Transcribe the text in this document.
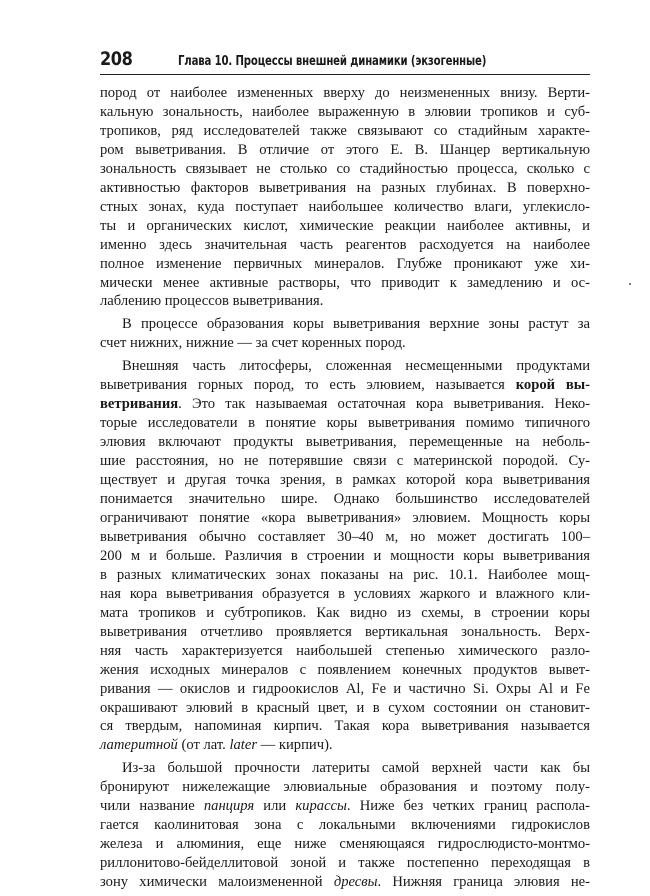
208	Глава 10. Процессы внешней динамики (экзогенные)

пород от наиболее измененных вверху до неизмененных внизу. Верти-
кальную зональность, наиболее выраженную в элювии тропиков и суб-
тропиков, ряд исследователей также связывают со стадийным характе-
ром выветривания. В отличие от этого Е. В. Шанцер вертикальную
зональность связывает не столько со стадийностью процесса, сколько с
активностью факторов выветривания на разных глубинах. В поверхно-
стных зонах, куда поступает наибольшее количество влаги, углекисло-
ты и органических кислот, химические реакции наиболее активны, и
именно здесь значительная часть реагентов расходуется на наиболее
полное изменение первичных минералов. Глубже проникают уже хи-
мически менее активные растворы, что приводит к замедлению и ос-
лаблению процессов выветривания.

В процессе образования коры выветривания верхние зоны растут за
счет нижних, нижние — за счет коренных пород.

Внешняя часть литосферы, сложенная несмещенными продуктами
выветривания горных пород, то есть элювием, называется корой вы-
ветривания. Это так называемая остаточная кора выветривания. Неко-
торые исследователи в понятие коры выветривания помимо типичного
элювия включают продукты выветривания, перемещенные на неболь-
шие расстояния, но не потерявшие связи с материнской породой. Су-
ществует и другая точка зрения, в рамках которой кора выветривания
понимается значительно шире. Однако большинство исследователей
ограничивают понятие «кора выветривания» элювием. Мощность коры
выветривания обычно составляет 30–40 м, но может достигать 100–
200 м и больше. Различия в строении и мощности коры выветривания
в разных климатических зонах показаны на рис. 10.1. Наиболее мощ-
ная кора выветривания образуется в условиях жаркого и влажного кли-
мата тропиков и субтропиков. Как видно из схемы, в строении коры
выветривания отчетливо проявляется вертикальная зональность. Верх-
няя часть характеризуется наибольшей степенью химического разло-
жения исходных минералов с появлением конечных продуктов вывет-
ривания — окислов и гидроокислов Al, Fe и частично Si. Охры Al и Fe
окрашивают элювий в красный цвет, и в сухом состоянии он становит-
ся твердым, напоминая кирпич. Такая кора выветривания называется
латеритной (от лат. later — кирпич).

Из-за большой прочности латериты самой верхней части как бы
бронируют нижележащие элювиальные образования и поэтому полу-
чили название панциря или кирассы. Ниже без четких границ распола-
гается каолинитовая зона с локальными включениями гидрокислов
железа и алюминия, еще ниже сменяющаяся гидрослюдисто-монтмо-
риллонитово-бейделлитовой зоной и также постепенно переходящая в
зону химически малоизмененной дресвы. Нижняя граница элювия не-
